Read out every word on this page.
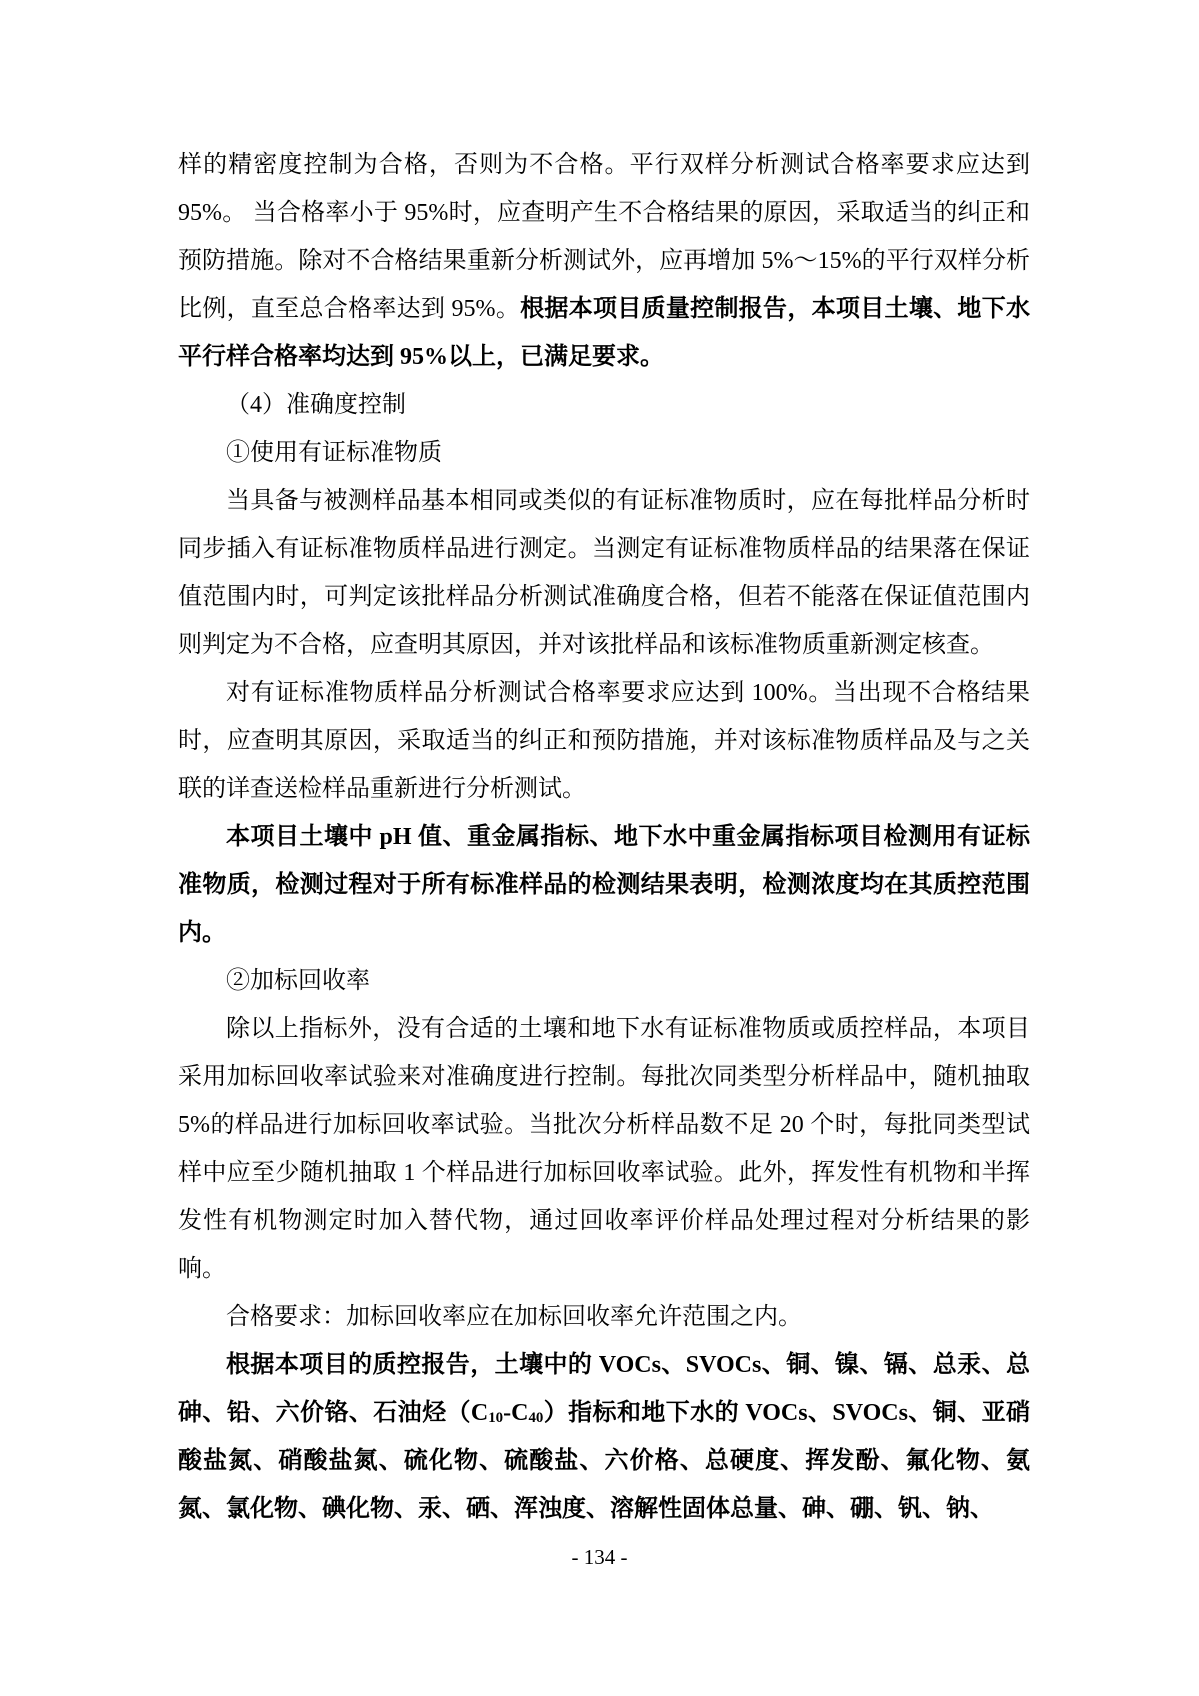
样的精密度控制为合格，否则为不合格。平行双样分析测试合格率要求应达到 95%。 当合格率小于 95%时，应查明产生不合格结果的原因，采取适当的纠正和预防措施。除对不合格结果重新分析测试外，应再增加 5%～15%的平行双样分析比例，直至总合格率达到 95%。根据本项目质量控制报告，本项目土壤、地下水平行样合格率均达到 95%以上，已满足要求。

（4）准确度控制

①使用有证标准物质

当具备与被测样品基本相同或类似的有证标准物质时，应在每批样品分析时同步插入有证标准物质样品进行测定。当测定有证标准物质样品的结果落在保证值范围内时，可判定该批样品分析测试准确度合格，但若不能落在保证值范围内则判定为不合格，应查明其原因，并对该批样品和该标准物质重新测定核查。

对有证标准物质样品分析测试合格率要求应达到 100%。当出现不合格结果时，应查明其原因，采取适当的纠正和预防措施，并对该标准物质样品及与之关联的详查送检样品重新进行分析测试。

本项目土壤中 pH 值、重金属指标、地下水中重金属指标项目检测用有证标准物质，检测过程对于所有标准样品的检测结果表明，检测浓度均在其质控范围内。

②加标回收率

除以上指标外，没有合适的土壤和地下水有证标准物质或质控样品，本项目采用加标回收率试验来对准确度进行控制。每批次同类型分析样品中，随机抽取 5%的样品进行加标回收率试验。当批次分析样品数不足 20 个时，每批同类型试样中应至少随机抽取 1 个样品进行加标回收率试验。此外，挥发性有机物和半挥发性有机物测定时加入替代物，通过回收率评价样品处理过程对分析结果的影响。

合格要求：加标回收率应在加标回收率允许范围之内。

根据本项目的质控报告，土壤中的 VOCs、SVOCs、铜、镍、镉、总汞、总砷、铅、六价铬、石油烃$(C_{10}-C_{40})$指标和地下水的 VOCs、SVOCs、铜、亚硝酸盐氮、硝酸盐氮、硫化物、硫酸盐、六价格、总硬度、挥发酚、氟化物、氨氮、氯化物、碘化物、汞、硒、浑浊度、溶解性固体总量、砷、硼、钒、钠、

- 134 -
